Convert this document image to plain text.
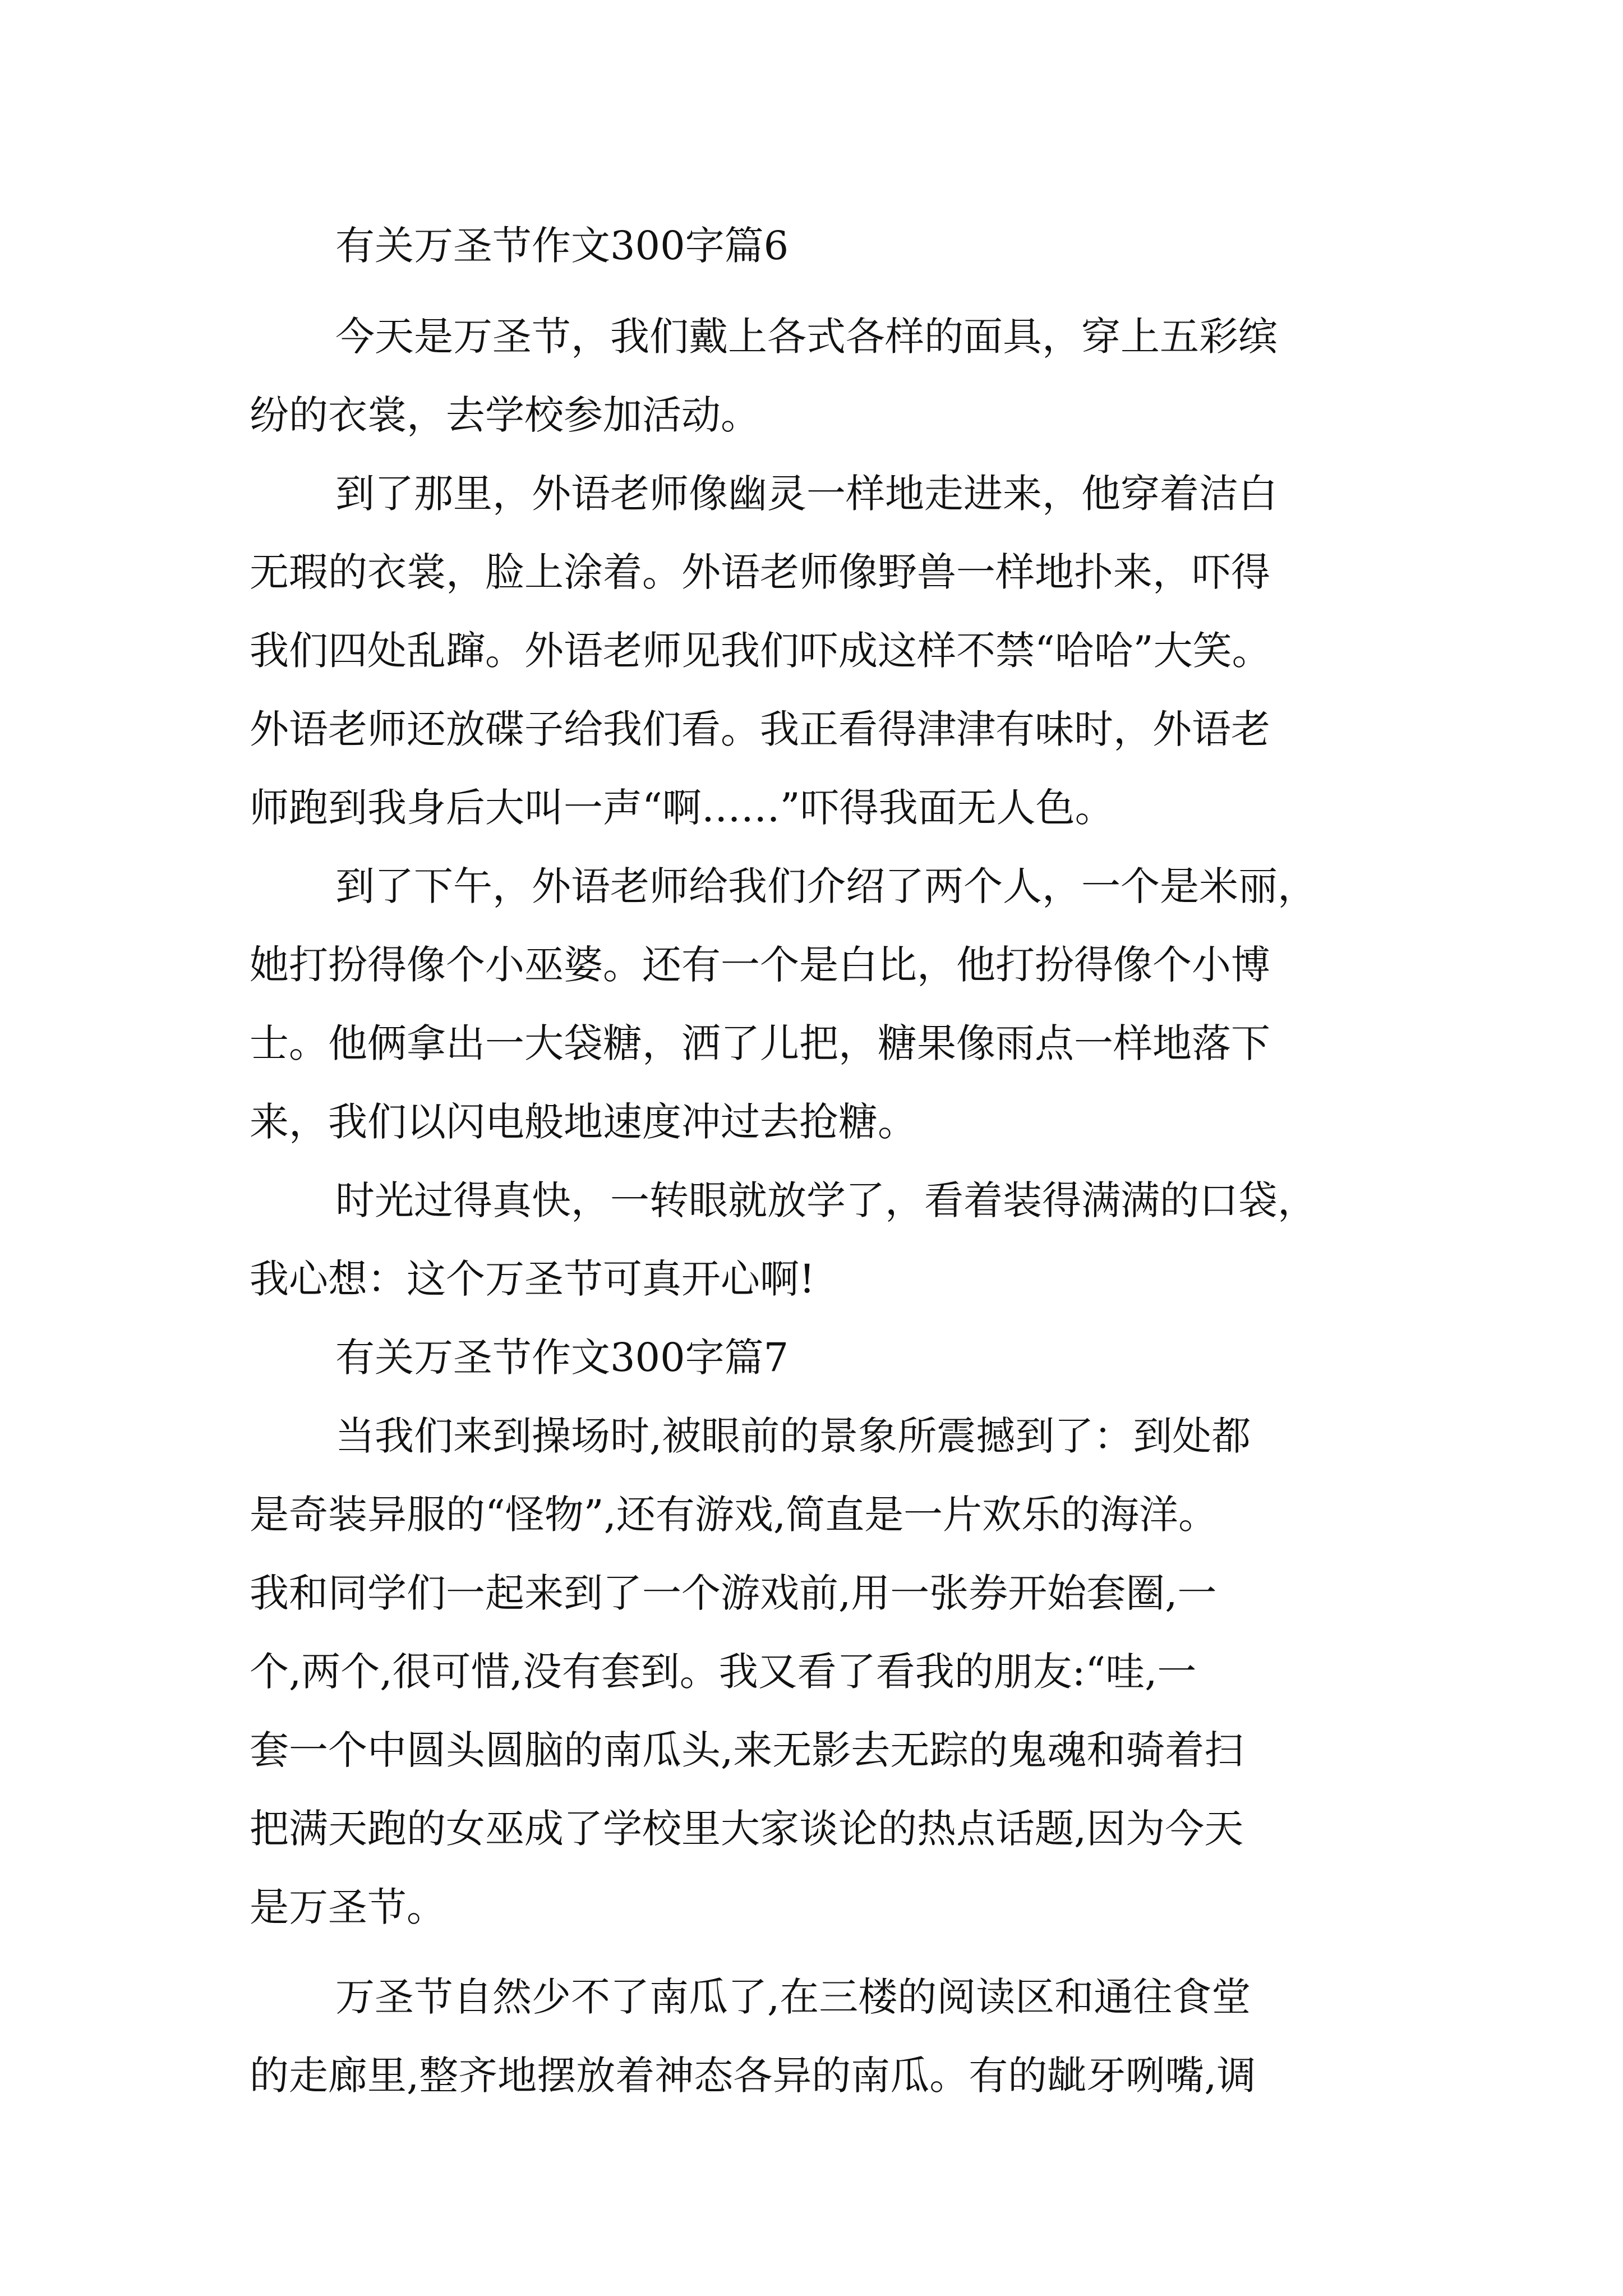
有关万圣节作文300字篇6
今天是万圣节，我们戴上各式各样的面具，穿上五彩缤
纷的衣裳，去学校参加活动。
到了那里，外语老师像幽灵一样地走进来，他穿着洁白
无瑕的衣裳，脸上涂着。外语老师像野兽一样地扑来，吓得
我们四处乱蹿。外语老师见我们吓成这样不禁“哈哈”大笑。
外语老师还放碟子给我们看。我正看得津津有味时，外语老
师跑到我身后大叫一声“啊……”吓得我面无人色。
到了下午，外语老师给我们介绍了两个人，一个是米丽，
她打扮得像个小巫婆。还有一个是白比，他打扮得像个小博
士。他俩拿出一大袋糖，洒了儿把，糖果像雨点一样地落下
来，我们以闪电般地速度冲过去抢糖。
时光过得真快，一转眼就放学了，看着装得满满的口袋，
我心想：这个万圣节可真开心啊!
有关万圣节作文300字篇7
当我们来到操场时,被眼前的景象所震撼到了：到处都
是奇装异服的“怪物”,还有游戏,简直是一片欢乐的海洋。
我和同学们一起来到了一个游戏前,用一张券开始套圈,一
个,两个,很可惜,没有套到。我又看了看我的朋友:“哇,一
套一个中圆头圆脑的南瓜头,来无影去无踪的鬼魂和骑着扫
把满天跑的女巫成了学校里大家谈论的热点话题,因为今天
是万圣节。
万圣节自然少不了南瓜了,在三楼的阅读区和通往食堂
的走廊里,整齐地摆放着神态各异的南瓜。有的龇牙咧嘴,调
